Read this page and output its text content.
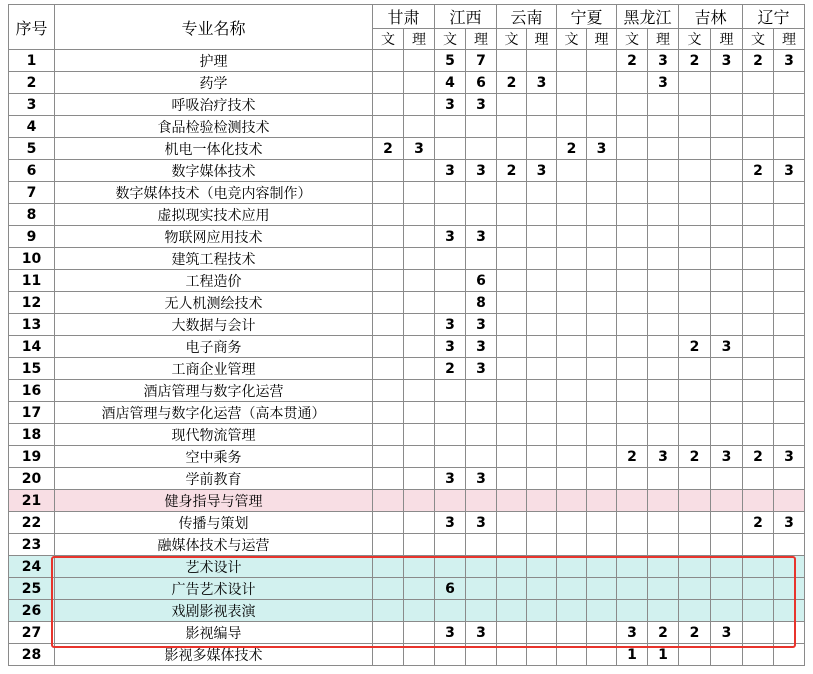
序号	专业名称	甘肃		江西		云南		宁夏		黑龙江		吉林		辽宁	
		文	理	文	理	文	理	文	理	文	理	文	理	文	理
1	护理			5	7					2	3	2	3	2	3
2	药学			4	6	2	3				3				
3	呼吸治疗技术			3	3										
4	食品检验检测技术														
5	机电一体化技术	2	3					2	3						
6	数字媒体技术			3	3	2	3							2	3
7	数字媒体技术（电竞内容制作）														
8	虚拟现实技术应用														
9	物联网应用技术			3	3										
10	建筑工程技术														
11	工程造价				6										
12	无人机测绘技术				8										
13	大数据与会计			3	3										
14	电子商务			3	3							2	3		
15	工商企业管理			2	3										
16	酒店管理与数字化运营														
17	酒店管理与数字化运营（高本贯通）														
18	现代物流管理														
19	空中乘务									2	3	2	3	2	3
20	学前教育			3	3										
21	健身指导与管理														
22	传播与策划			3	3									2	3
23	融媒体技术与运营														
24	艺术设计														
25	广告艺术设计			6											
26	戏剧影视表演														
27	影视编导			3	3					3	2	2	3		
28	影视多媒体技术									1	1				
